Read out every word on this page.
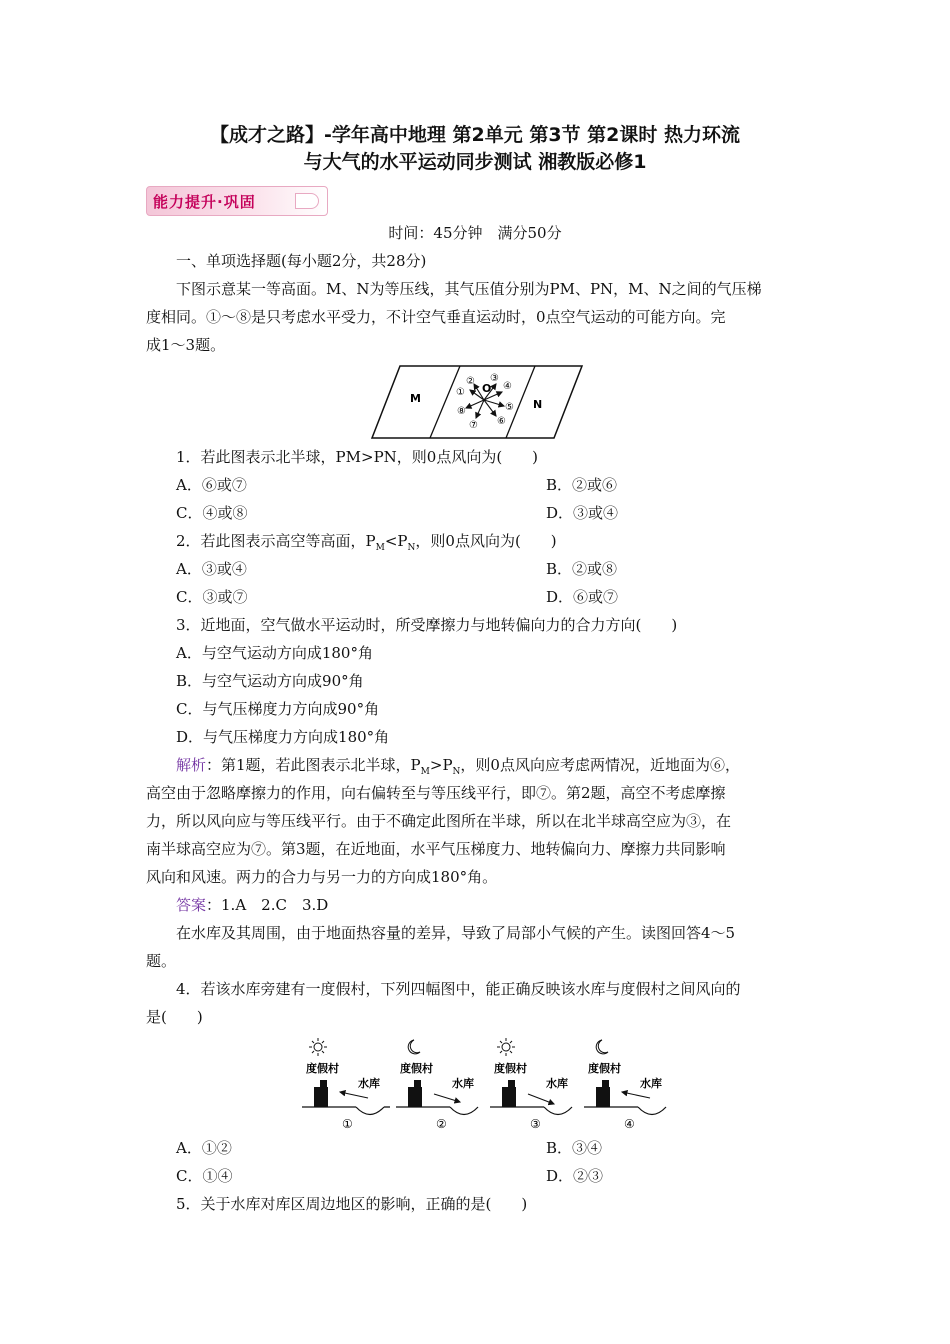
【成才之路】-学年高中地理 第2单元 第3节 第2课时 热力环流
与大气的水平运动同步测试 湘教版必修1
能力提升·巩固
时间：45分钟　满分50分
一、单项选择题(每小题2分，共28分)
下图示意某一等高面。M、N为等压线，其气压值分别为PM、PN，M、N之间的气压梯
度相同。①～⑧是只考虑水平受力，不计空气垂直运动时，0点空气运动的可能方向。完
成1～3题。
M	N
O
①
② ③
④
⑤
⑥
⑦
⑧
1．若此图表示北半球，PM>PN，则0点风向为(　　)
A．⑥或⑦	B．②或⑥
C．④或⑧	D．③或④
2．若此图表示高空等高面，$P_M<P_N$，则0点风向为(　　)
A．③或④	B．②或⑧
C．③或⑦	D．⑥或⑦
3．近地面，空气做水平运动时，所受摩擦力与地转偏向力的合力方向(　　)
A．与空气运动方向成180°角
B．与空气运动方向成90°角
C．与气压梯度力方向成90°角
D．与气压梯度力方向成180°角
解析：第1题，若此图表示北半球，$P_M>P_N$，则0点风向应考虑两情况，近地面为⑥，
高空由于忽略摩擦力的作用，向右偏转至与等压线平行，即⑦。第2题，高空不考虑摩擦
力，所以风向应与等压线平行。由于不确定此图所在半球，所以在北半球高空应为③，在
南半球高空应为⑦。第3题，在近地面，水平气压梯度力、地转偏向力、摩擦力共同影响
风向和风速。两力的合力与另一力的方向成180°角。
答案：1.A　2.C　3.D
在水库及其周围，由于地面热容量的差异，导致了局部小气候的产生。读图回答4～5
题。
4．若该水库旁建有一度假村，下列四幅图中，能正确反映该水库与度假村之间风向的
是(　　)
度假村
水库
①
度假村
水库
②
度假村
水库
③
度假村
水库
④
A．①②	B．③④
C．①④	D．②③
5．关于水库对库区周边地区的影响，正确的是(　　)
